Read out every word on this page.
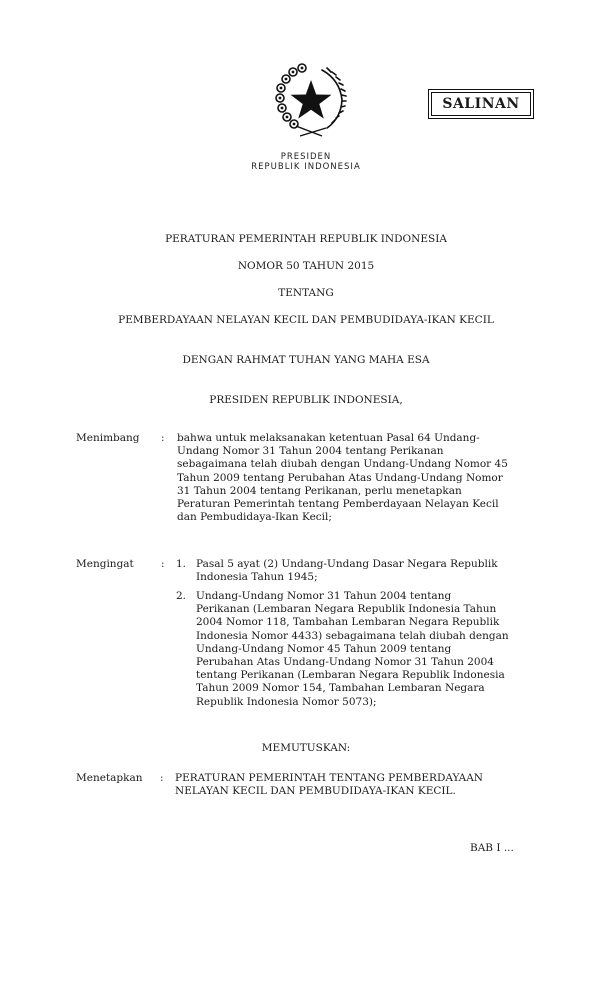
PRESIDEN
REPUBLIK INDONESIA
SALINAN
PERATURAN PEMERINTAH REPUBLIK INDONESIA
NOMOR 50 TAHUN 2015
TENTANG
PEMBERDAYAAN NELAYAN KECIL DAN PEMBUDIDAYA-IKAN KECIL
DENGAN RAHMAT TUHAN YANG MAHA ESA
PRESIDEN REPUBLIK INDONESIA,
Menimbang : bahwa untuk melaksanakan ketentuan Pasal 64 Undang-
Undang Nomor 31 Tahun 2004 tentang Perikanan
sebagaimana telah diubah dengan Undang-Undang Nomor 45
Tahun 2009 tentang Perubahan Atas Undang-Undang Nomor
31 Tahun 2004 tentang Perikanan, perlu menetapkan
Peraturan Pemerintah tentang Pemberdayaan Nelayan Kecil
dan Pembudidaya-Ikan Kecil;
Mengingat	: 1. Pasal 5 ayat (2) Undang-Undang Dasar Negara Republik
Indonesia Tahun 1945;
2. Undang-Undang Nomor 31 Tahun 2004 tentang
Perikanan (Lembaran Negara Republik Indonesia Tahun
2004 Nomor 118, Tambahan Lembaran Negara Republik
Indonesia Nomor 4433) sebagaimana telah diubah dengan
Undang-Undang Nomor 45 Tahun 2009 tentang
Perubahan Atas Undang-Undang Nomor 31 Tahun 2004
tentang Perikanan (Lembaran Negara Republik Indonesia
Tahun 2009 Nomor 154, Tambahan Lembaran Negara
Republik Indonesia Nomor 5073);
MEMUTUSKAN:
Menetapkan : PERATURAN PEMERINTAH TENTANG PEMBERDAYAAN
NELAYAN KECIL DAN PEMBUDIDAYA-IKAN KECIL.
BAB I ...
